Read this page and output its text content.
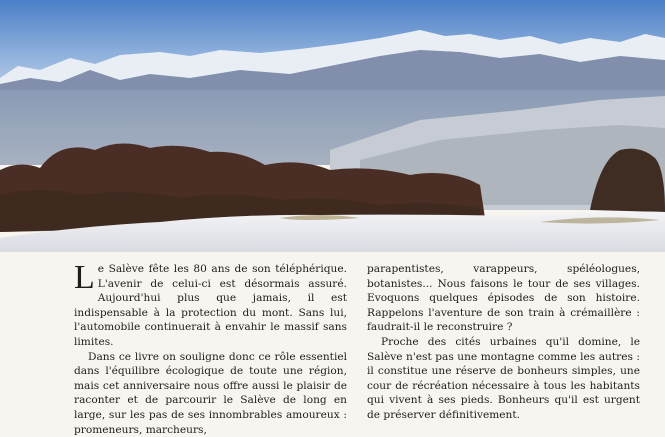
Le Salève fête les 80 ans de son téléphérique. L'avenir de celui-ci est désormais assuré. Aujourd'hui plus que jamais, il est indispensable à la protection du mont. Sans lui, l'automobile continuerait à envahir le massif sans limites.

Dans ce livre on souligne donc ce rôle essentiel dans l'équilibre écologique de toute une région, mais cet anniversaire nous offre aussi le plaisir de raconter et de parcourir le Salève de long en large, sur les pas de ses innombrables amoureux : promeneurs, marcheurs,

parapentistes, varappeurs, spéléologues, botanistes... Nous faisons le tour de ses villages. Evoquons quelques épisodes de son histoire. Rappelons l'aventure de son train à crémaillère : faudrait-il le reconstruire ?

Proche des cités urbaines qu'il domine, le Salève n'est pas une montagne comme les autres : il constitue une réserve de bonheurs simples, une cour de récréation nécessaire à tous les habitants qui vivent à ses pieds. Bonheurs qu'il est urgent de préserver définitivement.
